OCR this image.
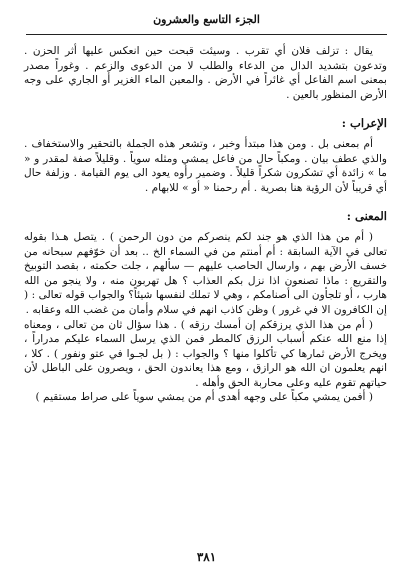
الجزء التاسع والعشرون

يقال : تزلف فلان أي تقرب . وسيئت قبحت حين انعكس عليها أثر الحزن . وتدعون بتشديد الدال من الدعاء والطلب لا من الدعوى والزعم . وغوراً مصدر بمعنى اسم الفاعل أي غائراً في الأرض . والمعين الماء الغزير أو الجاري على وجه الأرض المنظور بالعين .

الإعراب :

أم بمعنى بل . ومن هذا مبتدأ وخبر ، وتشعر هذه الجملة بالتحقير والاستخفاف . والذي عطف بيان . ومكباً حال من فاعل يمشي ومثله سوياً . وقليلاً صفة لمقدر و « ما » زائدة أي تشكرون شكراً قليلاً . وضمير رأوه يعود الى يوم القيامة . وزلفة حال أي قريباً لأن الرؤية هنا بصرية . أم رحمنا « أو » للابهام .

المعنى :

( أم من هذا الذي هو جند لكم ينصركم من دون الرحمن ) . يتصل هـذا بقوله تعالى في الآية السابقة : أم أمنتم من في السماء الخ .. بعد أن خوّفهم سبحانه من خسف الأرض بهم ، وارسال الحاصب عليهم — سألهم ، جلت حكمته ، بقصد التوبيخ والتقريع : ماذا تصنعون اذا نزل بكم العذاب ؟ هل تهربون منه ، ولا ينجو من الله هارب ، أو تلجأون الى أصنامكم ، وهي لا تملك لنفسها شيئاً؟ والجواب قوله تعالى : ( إن الكافرون الا في غرور ) وظن كاذب انهم في سلام وأمان من غضب الله وعقابه .

( أم من هذا الذي يرزقكم إن أمسك رزقه ) . هذا سؤال ثان من تعالى ، ومعناه إذا منع الله عنكم أسباب الرزق كالمطر فمن الذي يرسل السماء عليكم مدراراً ، ويخرج الأرض ثمارها كي تأكلوا منها ؟ والجواب : ( بل لجـوا في عتو ونفور ) . كلا ، انهم يعلمون ان الله هو الرازق ، ومع هذا يعاندون الحق ، ويصرون على الباطل لأن حياتهم تقوم عليه وعلى محاربة الحق وأهله .

( أفمن يمشي مكباً على وجهه أهدى أم من يمشي سوياً على صراط مستقيم )

٣٨١
